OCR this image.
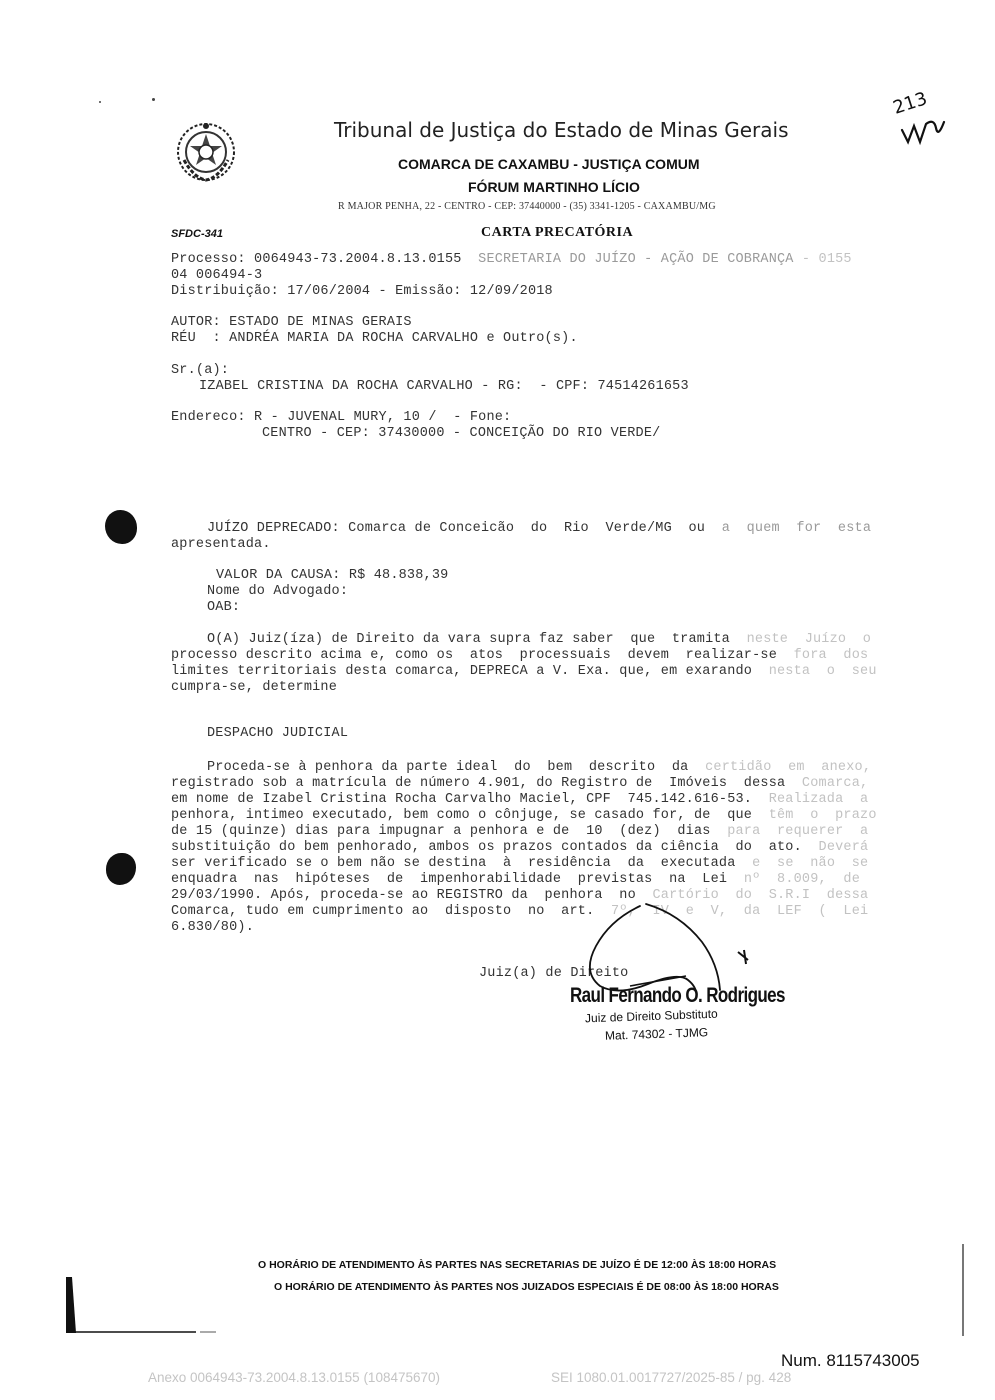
Tribunal de Justiça do Estado de Minas Gerais
COMARCA DE CAXAMBU - JUSTIÇA COMUM
FÓRUM MARTINHO LÍCIO
R MAJOR PENHA, 22 - CENTRO - CEP: 37440000 - (35) 3341-1205 - CAXAMBU/MG
213
SFDC-341	CARTA PRECATÓRIA
Processo: 0064943-73.2004.8.13.0155 SECRETARIA DO JUÍZO - AÇÃO DE COBRANÇA - 0155
04 006494-3
Distribuição: 17/06/2004 - Emissão: 12/09/2018
AUTOR: ESTADO DE MINAS GERAIS
RÉU  : ANDRÉA MARIA DA ROCHA CARVALHO e Outro(s).
Sr.(a):
IZABEL CRISTINA DA ROCHA CARVALHO - RG:  - CPF: 74514261653
Endereco: R - JUVENAL MURY, 10 /  - Fone:
CENTRO - CEP: 37430000 - CONCEIÇÃO DO RIO VERDE/
JUÍZO DEPRECADO: Comarca de Conceicão  do  Rio  Verde/MG  ou a  quem  for  esta
apresentada.
VALOR DA CAUSA: R$ 48.838,39
Nome do Advogado:
OAB:
O(A) Juiz(íza) de Direito da vara supra faz saber  que  tramita neste  Juízo  o
processo descrito acima e, como os  atos  processuais  devem  realizar-se fora  dos
limites territoriais desta comarca, DEPRECA a V. Exa. que, em exarando nesta  o  seu
cumpra-se, determine
DESPACHO JUDICIAL
Proceda-se à penhora da parte ideal  do  bem  descrito  da certidão  em  anexo,
registrado sob a matrícula de número 4.901, do Registro de  Imóveis  dessa Comarca,
em nome de Izabel Cristina Rocha Carvalho Maciel, CPF  745.142.616-53. Realizada  a
penhora, intimeo executado, bem como o cônjuge, se casado for, de  que têm  o  prazo
de 15 (quinze) dias para impugnar a penhora e de  10  (dez)  dias para  requerer  a
substituição do bem penhorado, ambos os prazos contados da ciência  do  ato. Deverá
ser verificado se o bem não se destina  à  residência  da  executada e  se  não  se
enquadra  nas  hipóteses  de  impenhorabilidade  previstas  na  Lei nº  8.009,  de
29/03/1990. Após, proceda-se ao REGISTRO da  penhora  no Cartório  do  S.R.I  dessa
Comarca, tudo em cumprimento ao  disposto  no  art. 7º,  IV  e  V,  da  LEF  (  Lei
6.830/80).
Juiz(a) de Direito
Raul Fernando O. Rodrigues
Juiz de Direito Substituto
Mat. 74302 - TJMG
O HORÁRIO DE ATENDIMENTO ÀS PARTES NAS SECRETARIAS DE JUÍZO É DE 12:00 ÀS 18:00 HORAS
O HORÁRIO DE ATENDIMENTO ÀS PARTES NOS JUIZADOS ESPECIAIS É DE 08:00 ÀS 18:00 HORAS
Num. 8115743005
Anexo 0064943-73.2004.8.13.0155 (108475670)	SEI 1080.01.0017727/2025-85 / pg. 428
